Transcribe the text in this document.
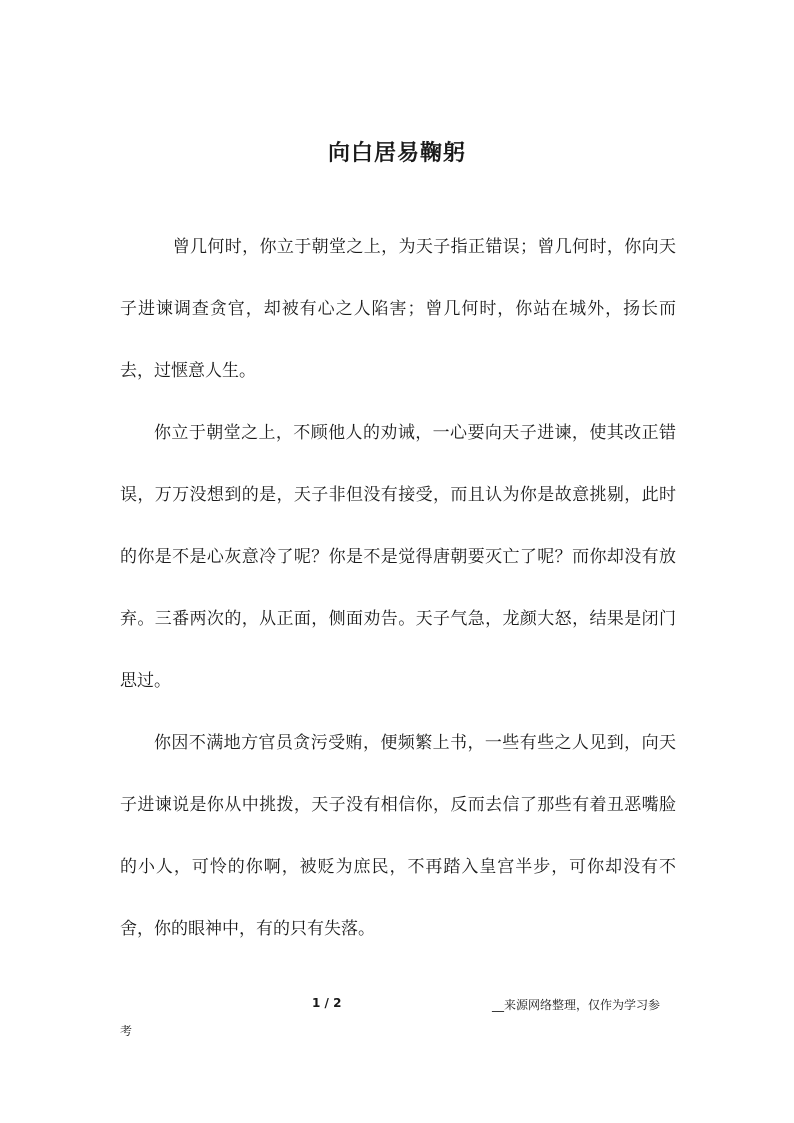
向白居易鞠躬

曾几何时，你立于朝堂之上，为天子指正错误；曾几何时，你向天子进谏调查贪官，却被有心之人陷害；曾几何时，你站在城外，扬长而去，过惬意人生。

你立于朝堂之上，不顾他人的劝诫，一心要向天子进谏，使其改正错误，万万没想到的是，天子非但没有接受，而且认为你是故意挑剔，此时的你是不是心灰意冷了呢？你是不是觉得唐朝要灭亡了呢？而你却没有放弃。三番两次的，从正面，侧面劝告。天子气急，龙颜大怒，结果是闭门思过。

你因不满地方官员贪污受贿，便频繁上书，一些有些之人见到，向天子进谏说是你从中挑拨，天子没有相信你，反而去信了那些有着丑恶嘴脸的小人，可怜的你啊，被贬为庶民，不再踏入皇宫半步，可你却没有不舍，你的眼神中，有的只有失落。

1 / 2	__来源网络整理，仅作为学习参
考
